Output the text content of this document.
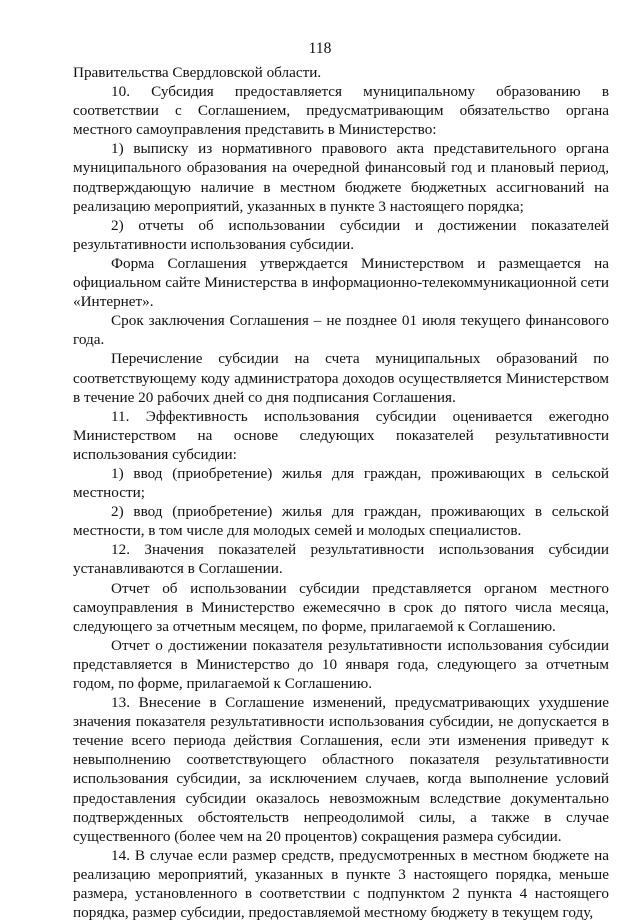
118

Правительства Свердловской области.

10. Субсидия предоставляется муниципальному образованию в соответствии с Соглашением, предусматривающим обязательство органа местного самоуправления представить в Министерство:

1) выписку из нормативного правового акта представительного органа муниципального образования на очередной финансовый год и плановый период, подтверждающую наличие в местном бюджете бюджетных ассигнований на реализацию мероприятий, указанных в пункте 3 настоящего порядка;

2) отчеты об использовании субсидии и достижении показателей результативности использования субсидии.

Форма Соглашения утверждается Министерством и размещается на официальном сайте Министерства в информационно-телекоммуникационной сети «Интернет».

Срок заключения Соглашения – не позднее 01 июля текущего финансового года.

Перечисление субсидии на счета муниципальных образований по соответствующему коду администратора доходов осуществляется Министерством в течение 20 рабочих дней со дня подписания Соглашения.

11. Эффективность использования субсидии оценивается ежегодно Министерством на основе следующих показателей результативности использования субсидии:

1) ввод (приобретение) жилья для граждан, проживающих в сельской местности;

2) ввод (приобретение) жилья для граждан, проживающих в сельской местности, в том числе для молодых семей и молодых специалистов.

12. Значения показателей результативности использования субсидии устанавливаются в Соглашении.

Отчет об использовании субсидии представляется органом местного самоуправления в Министерство ежемесячно в срок до пятого числа месяца, следующего за отчетным месяцем, по форме, прилагаемой к Соглашению.

Отчет о достижении показателя результативности использования субсидии представляется в Министерство до 10 января года, следующего за отчетным годом, по форме, прилагаемой к Соглашению.

13. Внесение в Соглашение изменений, предусматривающих ухудшение значения показателя результативности использования субсидии, не допускается в течение всего периода действия Соглашения, если эти изменения приведут к невыполнению соответствующего областного показателя результативности использования субсидии, за исключением случаев, когда выполнение условий предоставления субсидии оказалось невозможным вследствие документально подтвержденных обстоятельств непреодолимой силы, а также в случае существенного (более чем на 20 процентов) сокращения размера субсидии.

14. В случае если размер средств, предусмотренных в местном бюджете на реализацию мероприятий, указанных в пункте 3 настоящего порядка, меньше размера, установленного в соответствии с подпунктом 2 пункта 4 настоящего порядка, размер субсидии, предоставляемой местному бюджету в текущем году,
